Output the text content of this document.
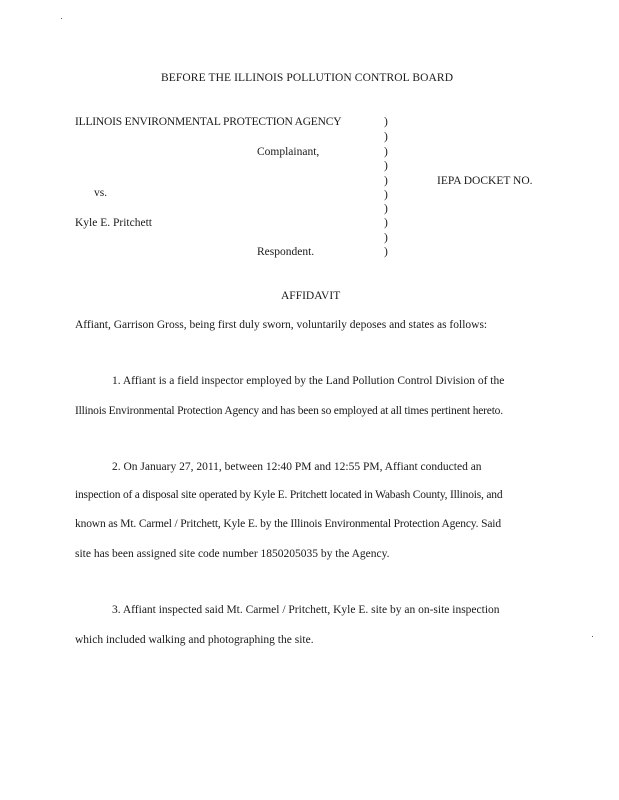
BEFORE THE ILLINOIS POLLUTION CONTROL BOARD
ILLINOIS ENVIRONMENTAL PROTECTION AGENCY
Complainant,
vs.
Kyle E. Pritchett
Respondent.
IEPA DOCKET NO.
)
)
)
)
)
)
)
)
)
)
AFFIDAVIT
Affiant, Garrison Gross, being first duly sworn, voluntarily deposes and states as follows:
1. Affiant is a field inspector employed by the Land Pollution Control Division of the
Illinois Environmental Protection Agency and has been so employed at all times pertinent hereto.
2. On January 27, 2011, between 12:40 PM and 12:55 PM, Affiant conducted an
inspection of a disposal site operated by Kyle E. Pritchett located in Wabash County, Illinois, and
known as Mt. Carmel / Pritchett, Kyle E. by the Illinois Environmental Protection Agency. Said
site has been assigned site code number 1850205035 by the Agency.
3. Affiant inspected said Mt. Carmel / Pritchett, Kyle E. site by an on-site inspection
which included walking and photographing the site.
